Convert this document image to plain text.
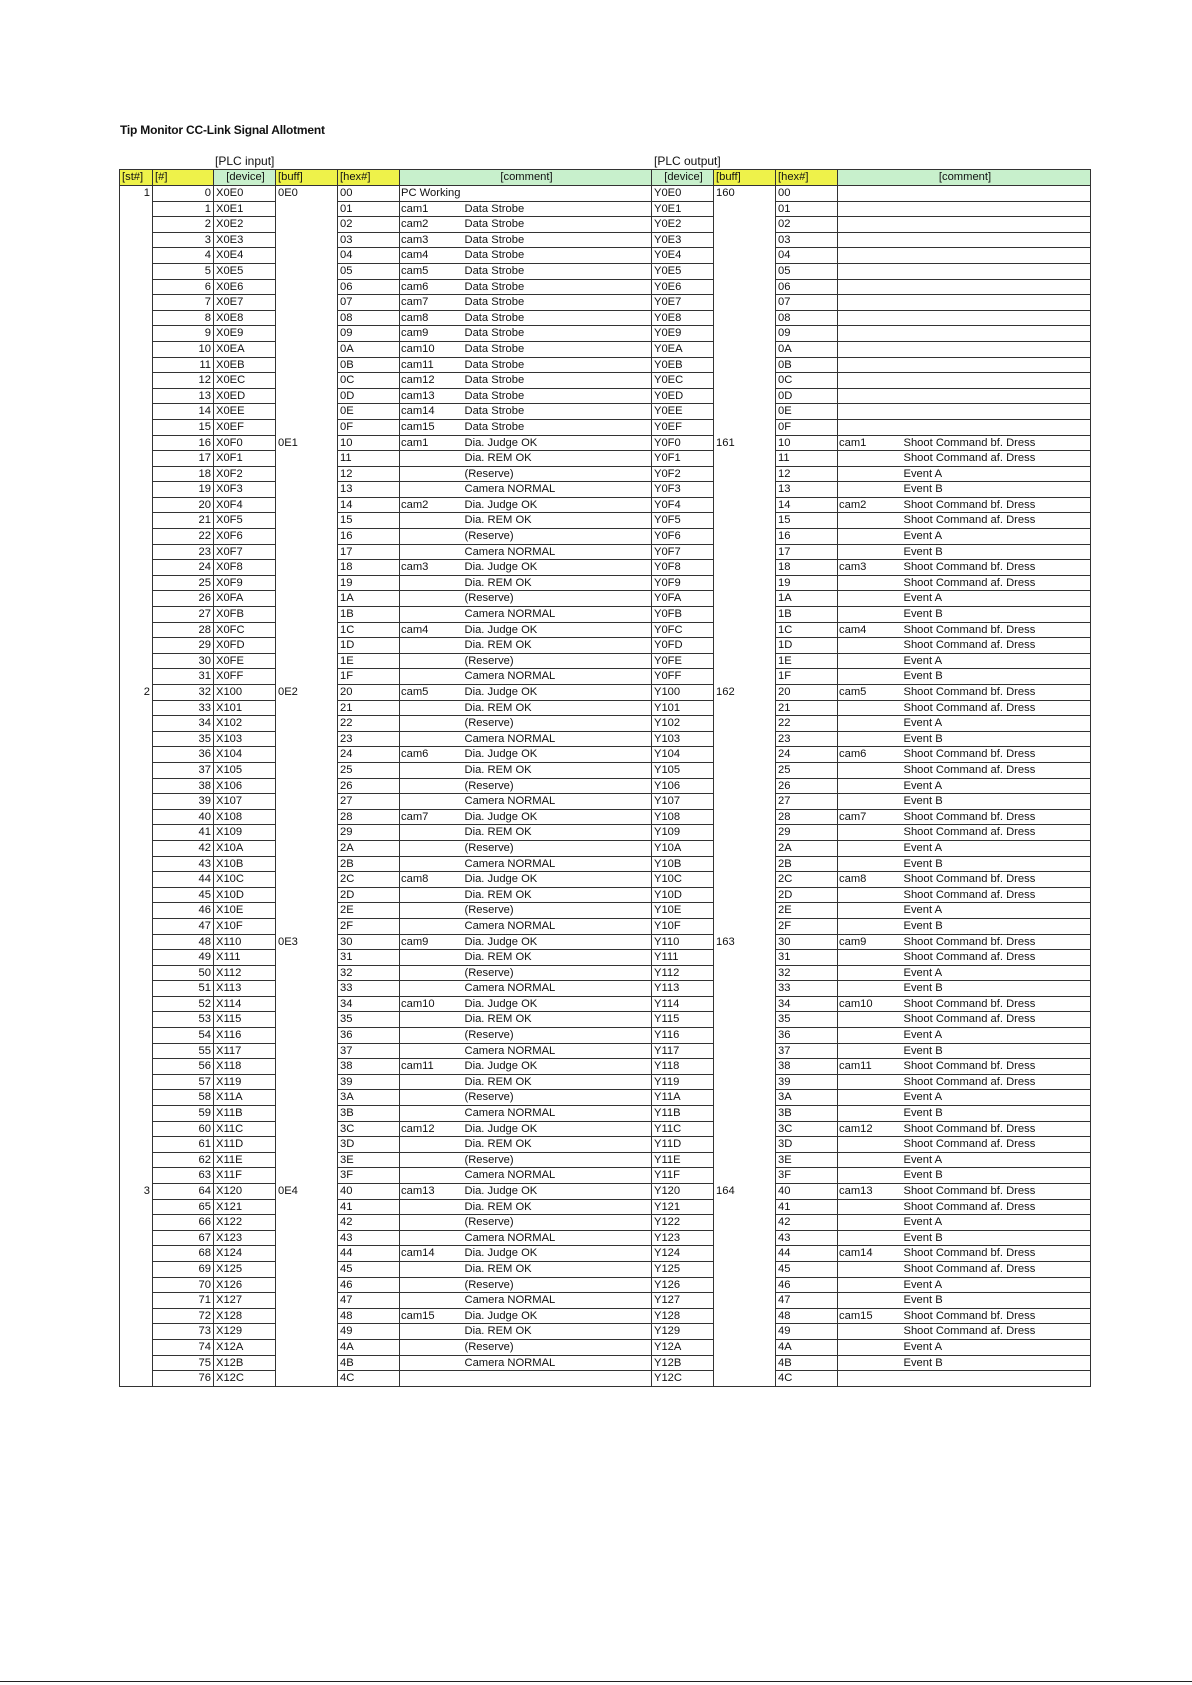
Tip Monitor CC-Link Signal Allotment
[PLC input]	[PLC output]
[st#]	[#]	[device]	[buff]	[hex#]	[comment]		[device]	[buff]	[hex#]	[comment]	
1	0	X0E0	0E0	00	PC Working		Y0E0	160	00		
	1	X0E1		01	cam1	Data Strobe	Y0E1		01		
	2	X0E2		02	cam2	Data Strobe	Y0E2		02		
	3	X0E3		03	cam3	Data Strobe	Y0E3		03		
	4	X0E4		04	cam4	Data Strobe	Y0E4		04		
	5	X0E5		05	cam5	Data Strobe	Y0E5		05		
	6	X0E6		06	cam6	Data Strobe	Y0E6		06		
	7	X0E7		07	cam7	Data Strobe	Y0E7		07		
	8	X0E8		08	cam8	Data Strobe	Y0E8		08		
	9	X0E9		09	cam9	Data Strobe	Y0E9		09		
	10	X0EA		0A	cam10	Data Strobe	Y0EA		0A		
	11	X0EB		0B	cam11	Data Strobe	Y0EB		0B		
	12	X0EC		0C	cam12	Data Strobe	Y0EC		0C		
	13	X0ED		0D	cam13	Data Strobe	Y0ED		0D		
	14	X0EE		0E	cam14	Data Strobe	Y0EE		0E		
	15	X0EF		0F	cam15	Data Strobe	Y0EF		0F		
	16	X0F0	0E1	10	cam1	Dia. Judge OK	Y0F0	161	10	cam1	Shoot Command bf. Dress
	17	X0F1		11		Dia. REM OK	Y0F1		11		Shoot Command af. Dress
	18	X0F2		12		(Reserve)	Y0F2		12		Event A
	19	X0F3		13		Camera NORMAL	Y0F3		13		Event B
	20	X0F4		14	cam2	Dia. Judge OK	Y0F4		14	cam2	Shoot Command bf. Dress
	21	X0F5		15		Dia. REM OK	Y0F5		15		Shoot Command af. Dress
	22	X0F6		16		(Reserve)	Y0F6		16		Event A
	23	X0F7		17		Camera NORMAL	Y0F7		17		Event B
	24	X0F8		18	cam3	Dia. Judge OK	Y0F8		18	cam3	Shoot Command bf. Dress
	25	X0F9		19		Dia. REM OK	Y0F9		19		Shoot Command af. Dress
	26	X0FA		1A		(Reserve)	Y0FA		1A		Event A
	27	X0FB		1B		Camera NORMAL	Y0FB		1B		Event B
	28	X0FC		1C	cam4	Dia. Judge OK	Y0FC		1C	cam4	Shoot Command bf. Dress
	29	X0FD		1D		Dia. REM OK	Y0FD		1D		Shoot Command af. Dress
	30	X0FE		1E		(Reserve)	Y0FE		1E		Event A
	31	X0FF		1F		Camera NORMAL	Y0FF		1F		Event B
2	32	X100	0E2	20	cam5	Dia. Judge OK	Y100	162	20	cam5	Shoot Command bf. Dress
	33	X101		21		Dia. REM OK	Y101		21		Shoot Command af. Dress
	34	X102		22		(Reserve)	Y102		22		Event A
	35	X103		23		Camera NORMAL	Y103		23		Event B
	36	X104		24	cam6	Dia. Judge OK	Y104		24	cam6	Shoot Command bf. Dress
	37	X105		25		Dia. REM OK	Y105		25		Shoot Command af. Dress
	38	X106		26		(Reserve)	Y106		26		Event A
	39	X107		27		Camera NORMAL	Y107		27		Event B
	40	X108		28	cam7	Dia. Judge OK	Y108		28	cam7	Shoot Command bf. Dress
	41	X109		29		Dia. REM OK	Y109		29		Shoot Command af. Dress
	42	X10A		2A		(Reserve)	Y10A		2A		Event A
	43	X10B		2B		Camera NORMAL	Y10B		2B		Event B
	44	X10C		2C	cam8	Dia. Judge OK	Y10C		2C	cam8	Shoot Command bf. Dress
	45	X10D		2D		Dia. REM OK	Y10D		2D		Shoot Command af. Dress
	46	X10E		2E		(Reserve)	Y10E		2E		Event A
	47	X10F		2F		Camera NORMAL	Y10F		2F		Event B
	48	X110	0E3	30	cam9	Dia. Judge OK	Y110	163	30	cam9	Shoot Command bf. Dress
	49	X111		31		Dia. REM OK	Y111		31		Shoot Command af. Dress
	50	X112		32		(Reserve)	Y112		32		Event A
	51	X113		33		Camera NORMAL	Y113		33		Event B
	52	X114		34	cam10	Dia. Judge OK	Y114		34	cam10	Shoot Command bf. Dress
	53	X115		35		Dia. REM OK	Y115		35		Shoot Command af. Dress
	54	X116		36		(Reserve)	Y116		36		Event A
	55	X117		37		Camera NORMAL	Y117		37		Event B
	56	X118		38	cam11	Dia. Judge OK	Y118		38	cam11	Shoot Command bf. Dress
	57	X119		39		Dia. REM OK	Y119		39		Shoot Command af. Dress
	58	X11A		3A		(Reserve)	Y11A		3A		Event A
	59	X11B		3B		Camera NORMAL	Y11B		3B		Event B
	60	X11C		3C	cam12	Dia. Judge OK	Y11C		3C	cam12	Shoot Command bf. Dress
	61	X11D		3D		Dia. REM OK	Y11D		3D		Shoot Command af. Dress
	62	X11E		3E		(Reserve)	Y11E		3E		Event A
	63	X11F		3F		Camera NORMAL	Y11F		3F		Event B
3	64	X120	0E4	40	cam13	Dia. Judge OK	Y120	164	40	cam13	Shoot Command bf. Dress
	65	X121		41		Dia. REM OK	Y121		41		Shoot Command af. Dress
	66	X122		42		(Reserve)	Y122		42		Event A
	67	X123		43		Camera NORMAL	Y123		43		Event B
	68	X124		44	cam14	Dia. Judge OK	Y124		44	cam14	Shoot Command bf. Dress
	69	X125		45		Dia. REM OK	Y125		45		Shoot Command af. Dress
	70	X126		46		(Reserve)	Y126		46		Event A
	71	X127		47		Camera NORMAL	Y127		47		Event B
	72	X128		48	cam15	Dia. Judge OK	Y128		48	cam15	Shoot Command bf. Dress
	73	X129		49		Dia. REM OK	Y129		49		Shoot Command af. Dress
	74	X12A		4A		(Reserve)	Y12A		4A		Event A
	75	X12B		4B		Camera NORMAL	Y12B		4B		Event B
	76	X12C		4C			Y12C		4C		
